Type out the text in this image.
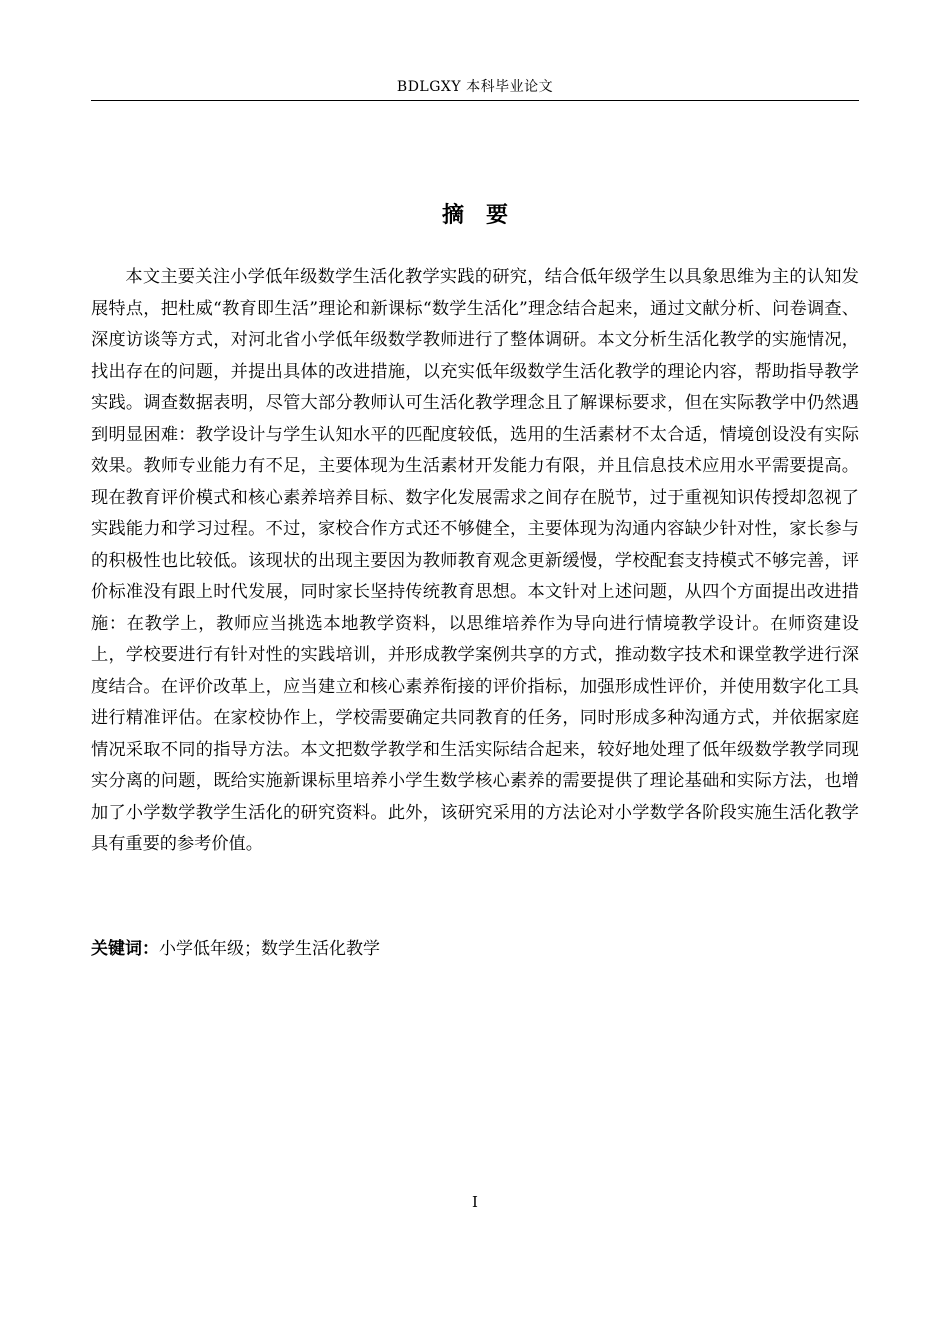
BDLGXY 本科毕业论文
摘要

本文主要关注小学低年级数学生活化教学实践的研究，结合低年级学生以具象思维为主的认知发展特点，把杜威“教育即生活”理论和新课标“数学生活化”理念结合起来，通过文献分析、问卷调查、深度访谈等方式，对河北省小学低年级数学教师进行了整体调研。本文分析生活化教学的实施情况，找出存在的问题，并提出具体的改进措施，以充实低年级数学生活化教学的理论内容，帮助指导教学实践。调查数据表明，尽管大部分教师认可生活化教学理念且了解课标要求，但在实际教学中仍然遇到明显困难：教学设计与学生认知水平的匹配度较低，选用的生活素材不太合适，情境创设没有实际效果。教师专业能力有不足，主要体现为生活素材开发能力有限，并且信息技术应用水平需要提高。现在教育评价模式和核心素养培养目标、数字化发展需求之间存在脱节，过于重视知识传授却忽视了实践能力和学习过程。不过，家校合作方式还不够健全，主要体现为沟通内容缺少针对性，家长参与的积极性也比较低。该现状的出现主要因为教师教育观念更新缓慢，学校配套支持模式不够完善，评价标准没有跟上时代发展，同时家长坚持传统教育思想。本文针对上述问题，从四个方面提出改进措施：在教学上，教师应当挑选本地教学资料，以思维培养作为导向进行情境教学设计。在师资建设上，学校要进行有针对性的实践培训，并形成教学案例共享的方式，推动数字技术和课堂教学进行深度结合。在评价改革上，应当建立和核心素养衔接的评价指标，加强形成性评价，并使用数字化工具进行精准评估。在家校协作上，学校需要确定共同教育的任务，同时形成多种沟通方式，并依据家庭情况采取不同的指导方法。本文把数学教学和生活实际结合起来，较好地处理了低年级数学教学同现实分离的问题，既给实施新课标里培养小学生数学核心素养的需要提供了理论基础和实际方法，也增加了小学数学教学生活化的研究资料。此外，该研究采用的方法论对小学数学各阶段实施生活化教学具有重要的参考价值。

关键词：小学低年级；数学生活化教学
I
